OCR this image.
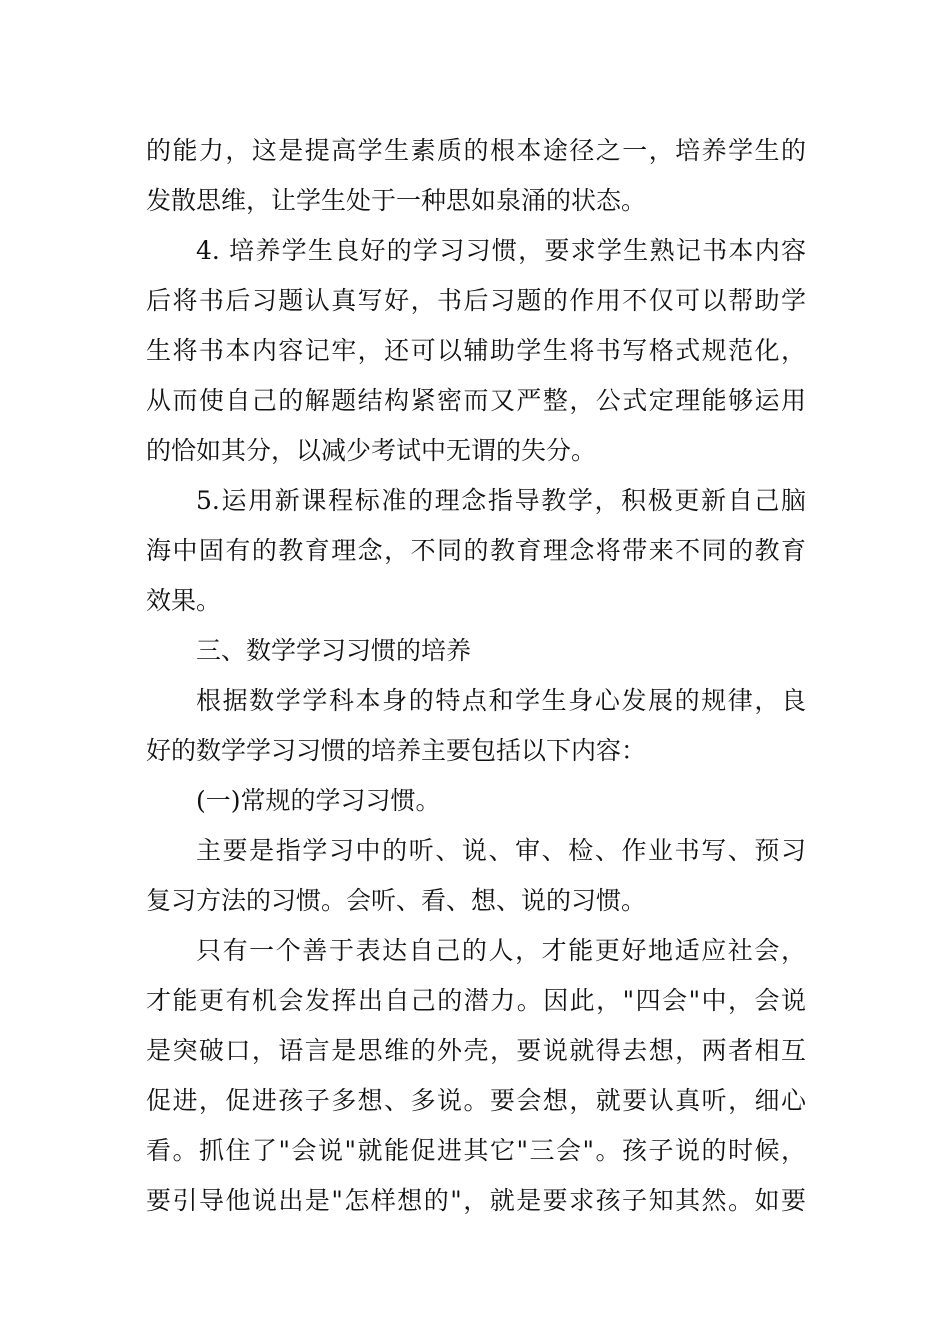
的能力，这是提高学生素质的根本途径之一，培养学生的

发散思维，让学生处于一种思如泉涌的状态。

4. 培养学生良好的学习习惯，要求学生熟记书本内容

后将书后习题认真写好，书后习题的作用不仅可以帮助学

生将书本内容记牢，还可以辅助学生将书写格式规范化，

从而使自己的解题结构紧密而又严整，公式定理能够运用

的恰如其分，以减少考试中无谓的失分。

5.运用新课程标准的理念指导教学，积极更新自己脑

海中固有的教育理念，不同的教育理念将带来不同的教育

效果。

三、数学学习习惯的培养

根据数学学科本身的特点和学生身心发展的规律，良

好的数学学习习惯的培养主要包括以下内容：

(一)常规的学习习惯。

主要是指学习中的听、说、审、检、作业书写、预习

复习方法的习惯。会听、看、想、说的习惯。

只有一个善于表达自己的人，才能更好地适应社会，

才能更有机会发挥出自己的潜力。因此，"四会"中，会说

是突破口，语言是思维的外壳，要说就得去想，两者相互

促进，促进孩子多想、多说。要会想，就要认真听，细心

看。抓住了"会说"就能促进其它"三会"。孩子说的时候，

要引导他说出是"怎样想的"，就是要求孩子知其然。如要
